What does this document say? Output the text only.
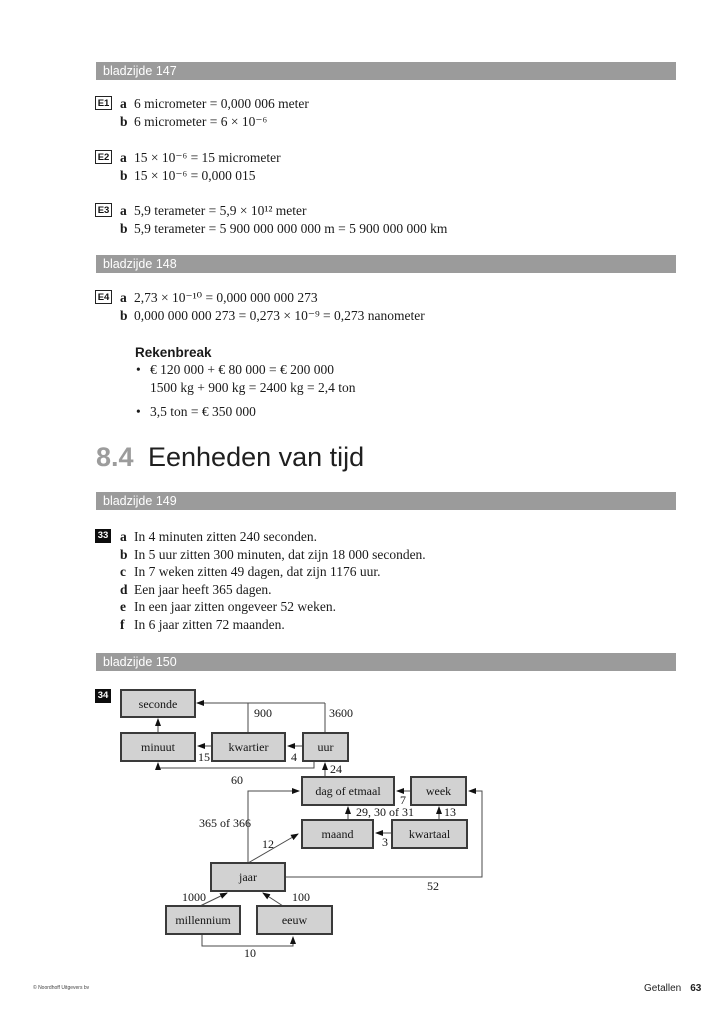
bladzijde 147
bladzijde 148
bladzijde 149
bladzijde 150
E1 a 6 micrometer = 0,000 006 meter
b 6 micrometer = 6 × 10⁻⁶
E2 a 15 × 10⁻⁶ = 15 micrometer
b 15 × 10⁻⁶ = 0,000 015
E3 a 5,9 terameter = 5,9 × 10¹² meter
b 5,9 terameter = 5 900 000 000 000 m = 5 900 000 000 km
E4 a 2,73 × 10⁻¹⁰ = 0,000 000 000 273
b 0,000 000 000 273 = 0,273 × 10⁻⁹ = 0,273 nanometer
Rekenbreak
• € 120 000 + € 80 000 = € 200 000
1500 kg + 900 kg = 2400 kg = 2,4 ton
• 3,5 ton = € 350 000
8.4 Eenheden van tijd
33 a In 4 minuten zitten 240 seconden.
b In 5 uur zitten 300 minuten, dat zijn 18 000 seconden.
c In 7 weken zitten 49 dagen, dat zijn 1176 uur.
d Een jaar heeft 365 dagen.
e In een jaar zitten ongeveer 52 weken.
f In 6 jaar zitten 72 maanden.
34
seconde
minuut	kwartier	uur
dag of etmaal	week
maand	kwartaal
jaar
millennium	eeuw
900	3600
15	4
60
24
7
29, 30 of 31	13
3
365 of 366
12
52
1000	100
10
© Noordhoff Uitgevers bv	Getallen 63
